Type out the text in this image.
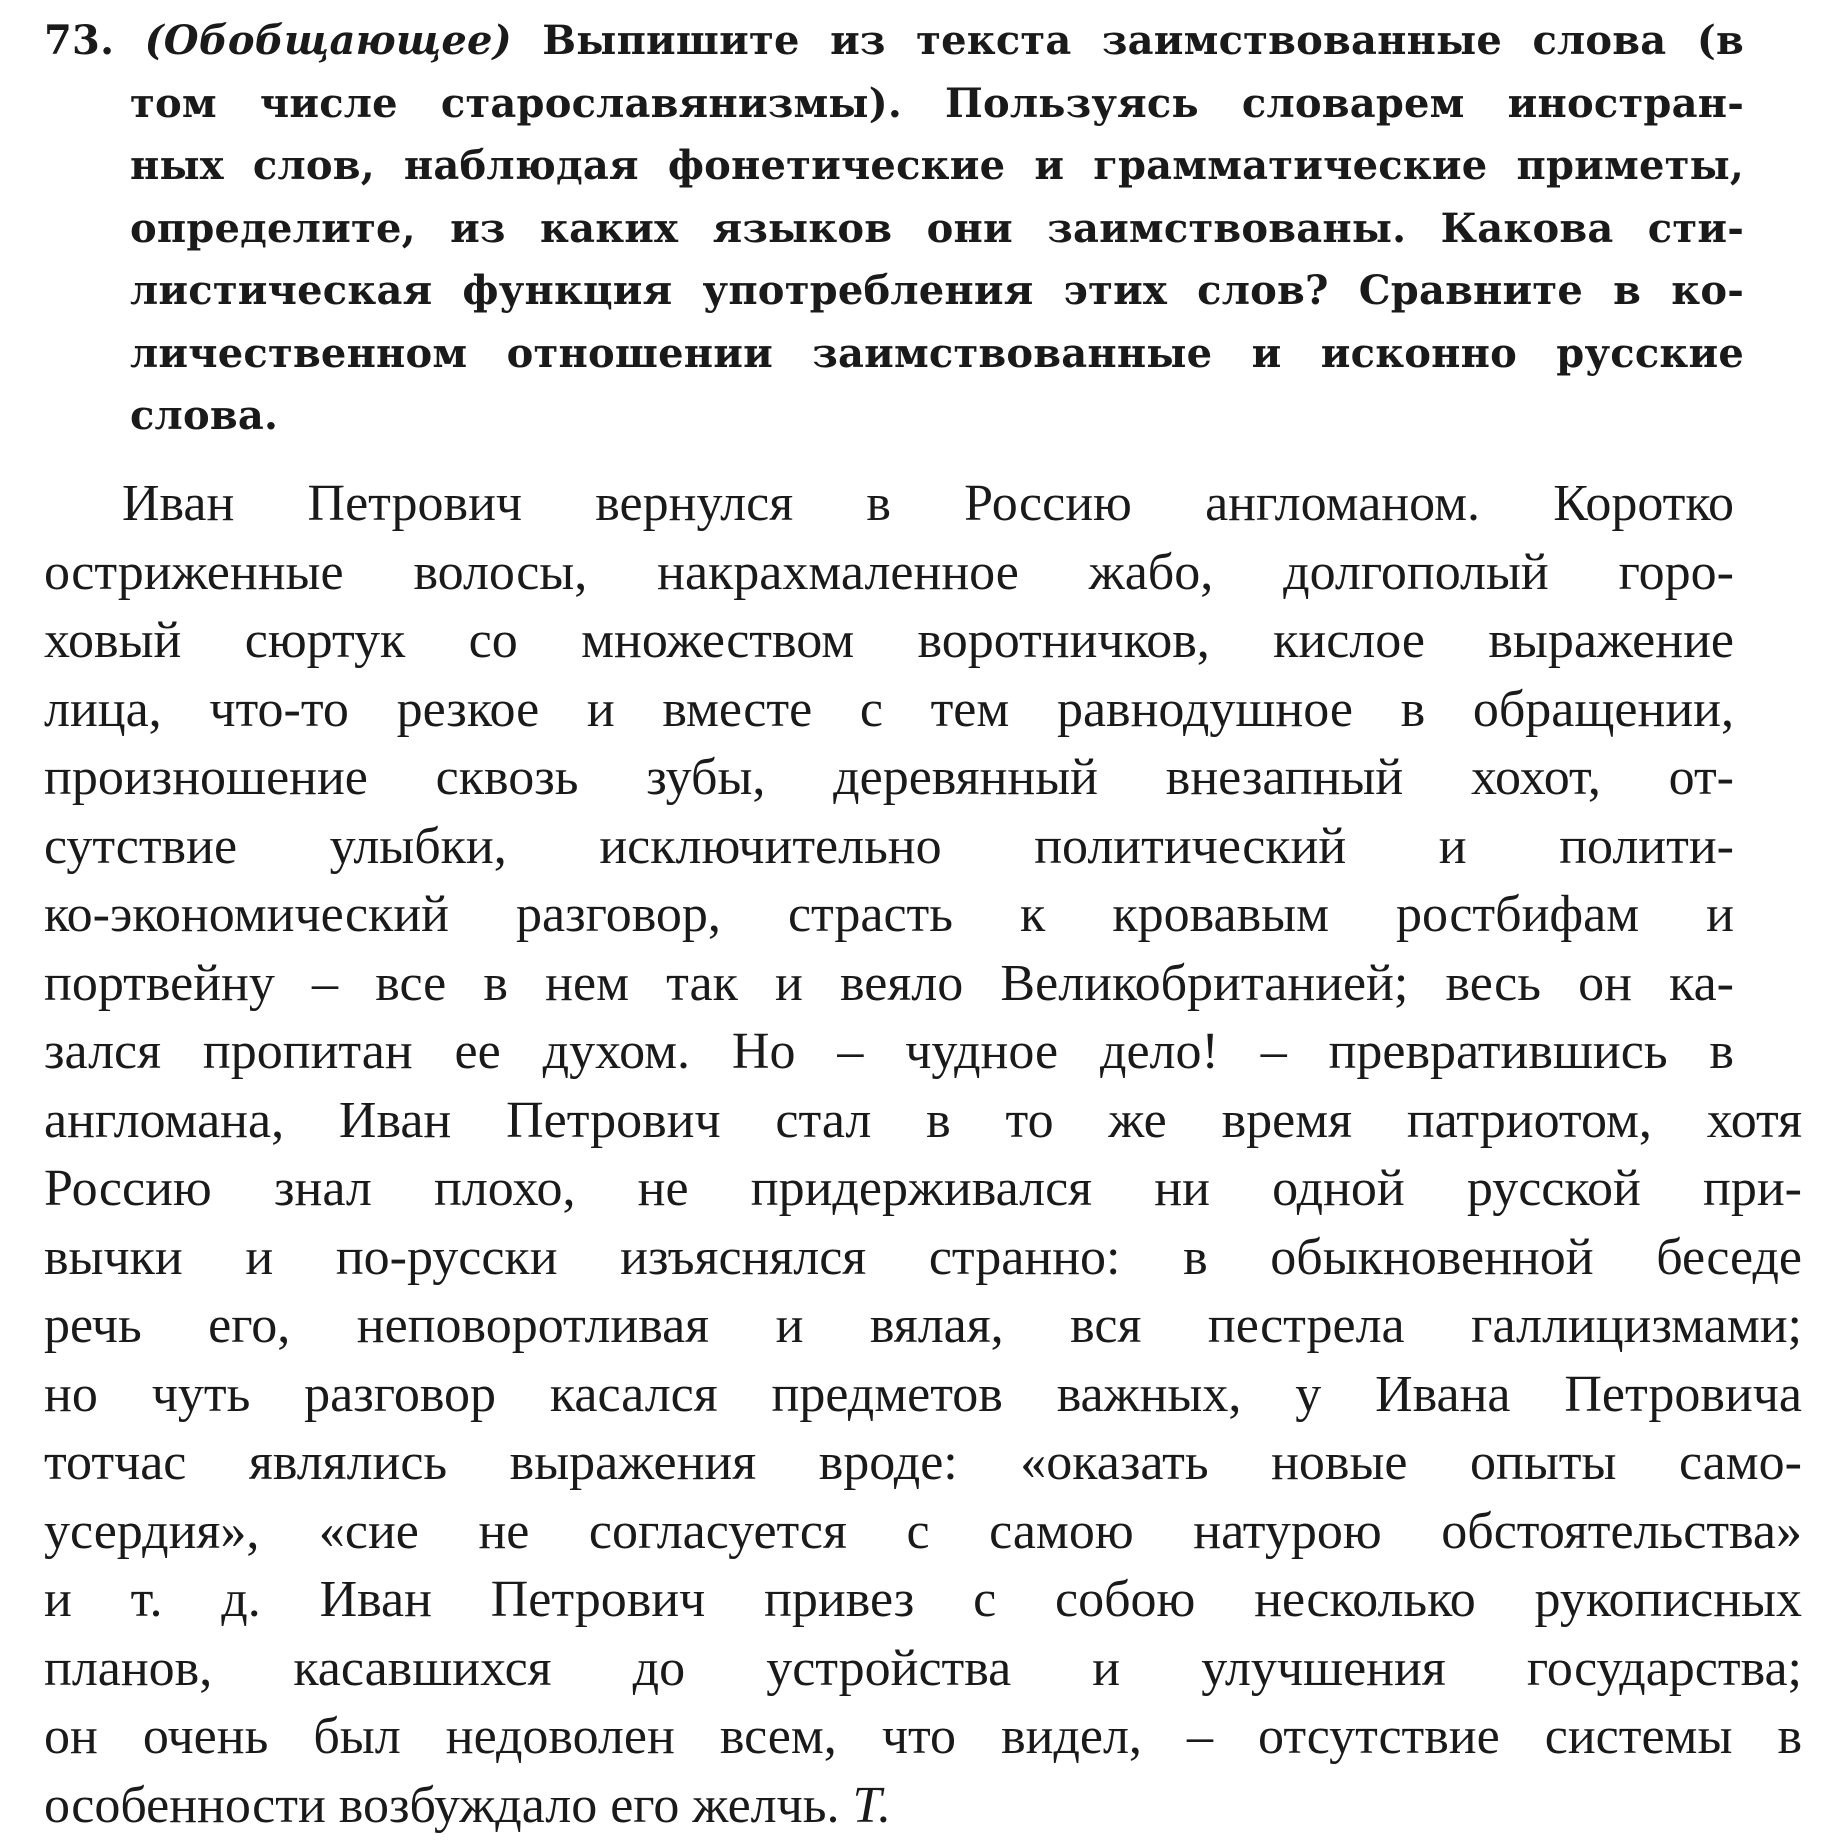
73. (Обобщающее) Выпишите из текста заимствованные слова (в
том числе старославянизмы). Пользуясь словарем иностран-
ных слов, наблюдая фонетические и грамматические приметы,
определите, из каких языков они заимствованы. Какова сти-
листическая функция употребления этих слов? Сравните в ко-
личественном отношении заимствованные и исконно русские
слова.
Иван Петрович вернулся в Россию англоманом. Коротко
остриженные волосы, накрахмаленное жабо, долгополый горо-
ховый сюртук со множеством воротничков, кислое выражение
лица, что-то резкое и вместе с тем равнодушное в обращении,
произношение сквозь зубы, деревянный внезапный хохот, от-
сутствие улыбки, исключительно политический и полити-
ко-экономический разговор, страсть к кровавым ростбифам и
портвейну – все в нем так и веяло Великобританией; весь он ка-
зался пропитан ее духом. Но – чудное дело! – превратившись в
англомана, Иван Петрович стал в то же время патриотом, хотя
Россию знал плохо, не придерживался ни одной русской при-
вычки и по-русски изъяснялся странно: в обыкновенной беседе
речь его, неповоротливая и вялая, вся пестрела галлицизмами;
но чуть разговор касался предметов важных, у Ивана Петровича
тотчас являлись выражения вроде: «оказать новые опыты само-
усердия», «сие не согласуется с самою натурою обстоятельства»
и т. д. Иван Петрович привез с собою несколько рукописных
планов, касавшихся до устройства и улучшения государства;
он очень был недоволен всем, что видел, – отсутствие системы в
особенности возбуждало его желчь. Т.
